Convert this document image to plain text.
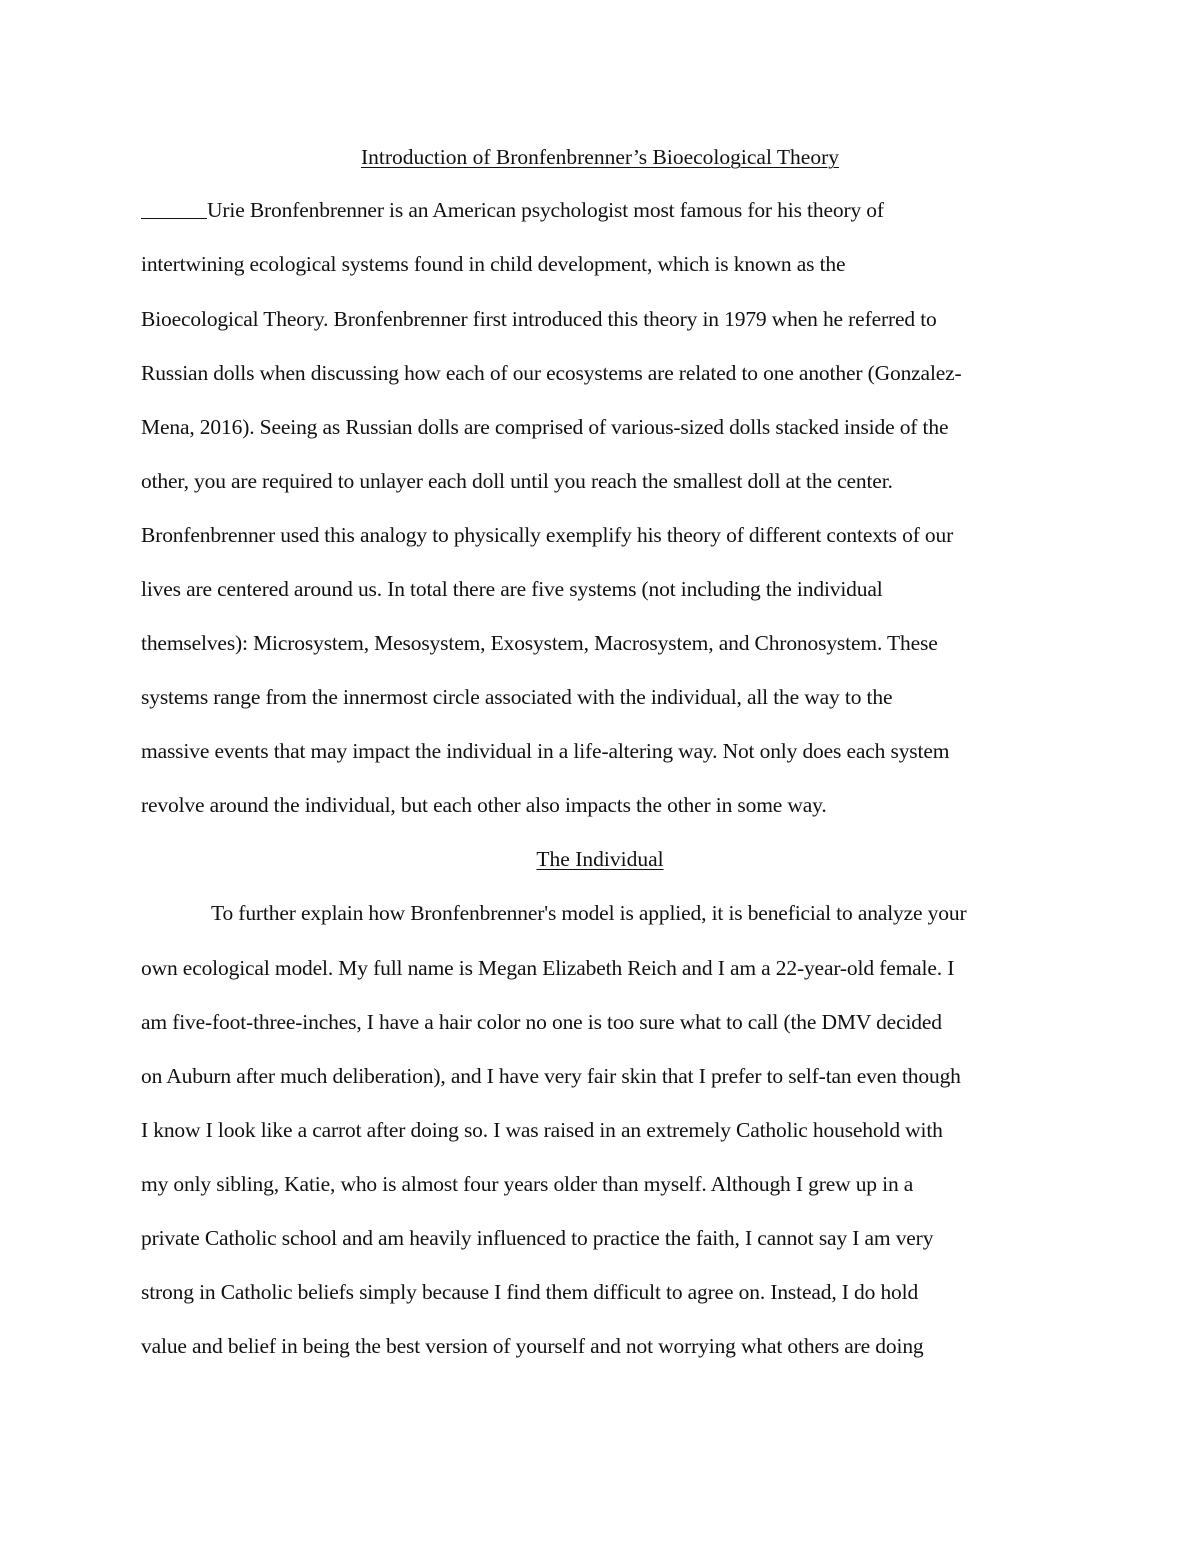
Introduction of Bronfenbrenner’s Bioecological Theory
Urie Bronfenbrenner is an American psychologist most famous for his theory of
intertwining ecological systems found in child development, which is known as the
Bioecological Theory. Bronfenbrenner first introduced this theory in 1979 when he referred to
Russian dolls when discussing how each of our ecosystems are related to one another (Gonzalez-
Mena, 2016). Seeing as Russian dolls are comprised of various-sized dolls stacked inside of the
other, you are required to unlayer each doll until you reach the smallest doll at the center.
Bronfenbrenner used this analogy to physically exemplify his theory of different contexts of our
lives are centered around us. In total there are five systems (not including the individual
themselves): Microsystem, Mesosystem, Exosystem, Macrosystem, and Chronosystem. These
systems range from the innermost circle associated with the individual, all the way to the
massive events that may impact the individual in a life-altering way. Not only does each system
revolve around the individual, but each other also impacts the other in some way.
The Individual
To further explain how Bronfenbrenner's model is applied, it is beneficial to analyze your
own ecological model. My full name is Megan Elizabeth Reich and I am a 22-year-old female. I
am five-foot-three-inches, I have a hair color no one is too sure what to call (the DMV decided
on Auburn after much deliberation), and I have very fair skin that I prefer to self-tan even though
I know I look like a carrot after doing so. I was raised in an extremely Catholic household with
my only sibling, Katie, who is almost four years older than myself. Although I grew up in a
private Catholic school and am heavily influenced to practice the faith, I cannot say I am very
strong in Catholic beliefs simply because I find them difficult to agree on. Instead, I do hold
value and belief in being the best version of yourself and not worrying what others are doing
